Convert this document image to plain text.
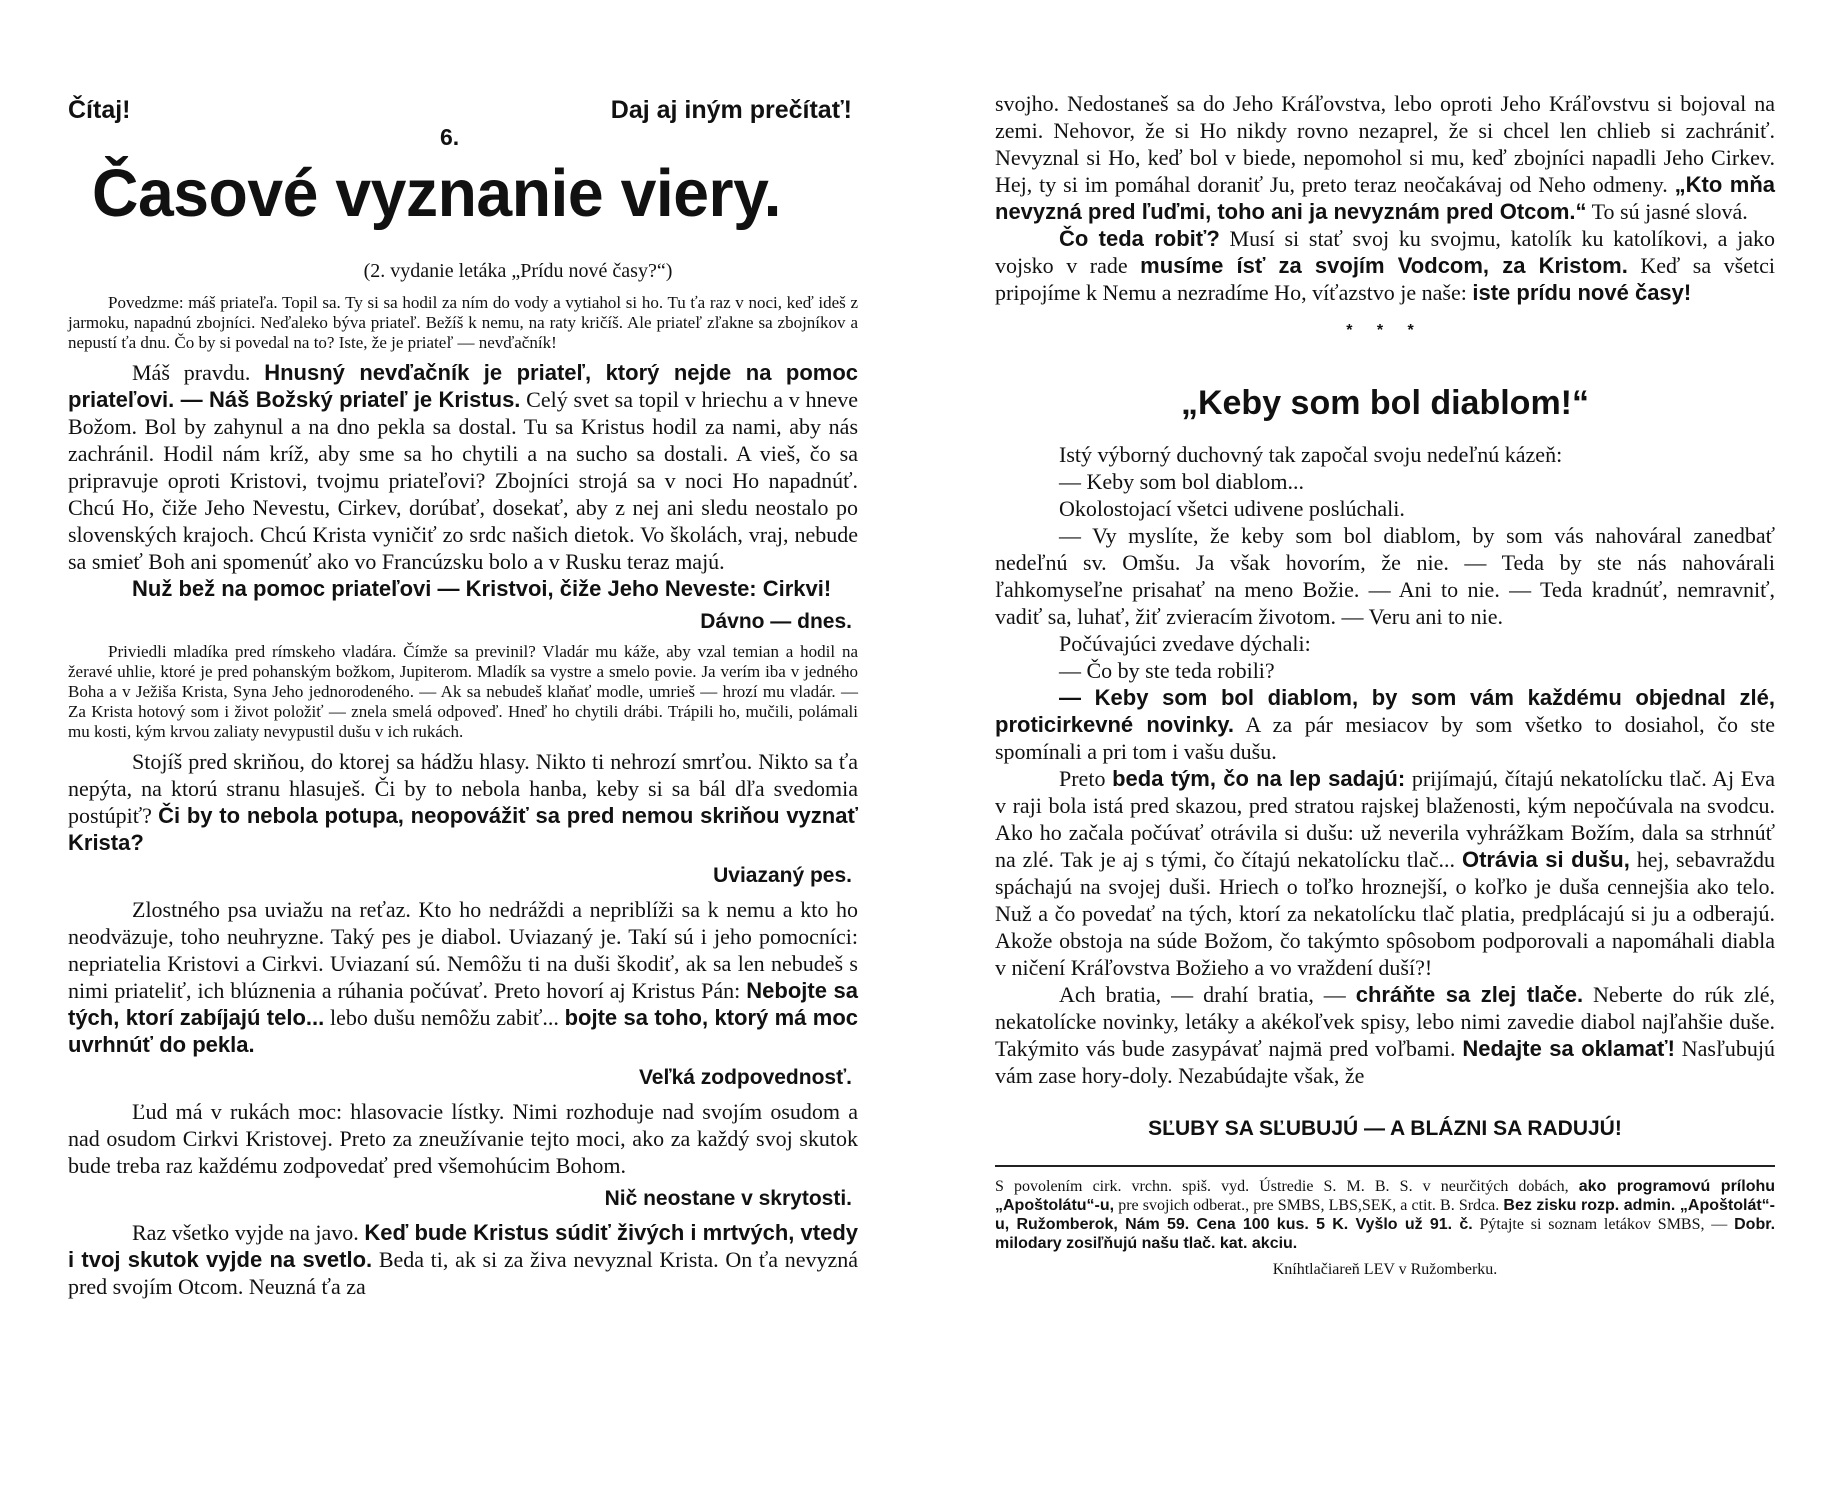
Čítaj!
6.
Daj aj iným prečítať!
Časové vyznanie viery.
(2. vydanie letáka „Prídu nové časy?“)

Povedzme: máš priateľa. Topil sa. Ty si sa hodil za ním do vody a vytiahol si ho. Tu ťa raz v noci, keď ideš z jarmoku, napadnú zbojníci. Neďaleko býva priateľ. Bežíš k nemu, na raty kričíš. Ale priateľ zľakne sa zbojníkov a nepustí ťa dnu. Čo by si povedal na to? Iste, že je priateľ — nevďačník!

Máš pravdu. Hnusný nevďačník je priateľ, ktorý nejde na pomoc priateľovi. — Náš Božský priateľ je Kristus. Celý svet sa topil v hriechu a v hneve Božom. Bol by zahynul a na dno pekla sa dostal. Tu sa Kristus hodil za nami, aby nás zachránil. Hodil nám kríž, aby sme sa ho chytili a na sucho sa dostali. A vieš, čo sa pripravuje oproti Kristovi, tvojmu priateľovi? Zbojníci strojá sa v noci Ho napadnúť. Chcú Ho, čiže Jeho Nevestu, Cirkev, dorúbať, dosekať, aby z nej ani sledu neostalo po slovenských krajoch. Chcú Krista vyničiť zo srdc našich dietok. Vo školách, vraj, nebude sa smieť Boh ani spomenúť ako vo Francúzsku bolo a v Rusku teraz majú.

Nuž bež na pomoc priateľovi — Kristvoi, čiže Jeho Neveste: Cirkvi!

Dávno — dnes.

Priviedli mladíka pred rímskeho vladára. Čímže sa previnil? Vladár mu káže, aby vzal temian a hodil na žeravé uhlie, ktoré je pred pohanským božkom, Jupiterom. Mladík sa vystre a smelo povie. Ja verím iba v jedného Boha a v Ježiša Krista, Syna Jeho jednorodeného. — Ak sa nebudeš klaňať modle, umrieš — hrozí mu vladár. — Za Krista hotový som i život položiť — znela smelá odpoveď. Hneď ho chytili drábi. Trápili ho, mučili, polámali mu kosti, kým krvou zaliaty nevypustil dušu v ich rukách.

Stojíš pred skriňou, do ktorej sa hádžu hlasy. Nikto ti nehrozí smrťou. Nikto sa ťa nepýta, na ktorú stranu hlasuješ. Či by to nebola hanba, keby si sa bál dľa svedomia postúpiť? Či by to nebola potupa, neopovážiť sa pred nemou skriňou vyznať Krista?

Uviazaný pes.

Zlostného psa uviažu na reťaz. Kto ho nedráždi a nepriblíži sa k nemu a kto ho neodväzuje, toho neuhryzne. Taký pes je diabol. Uviazaný je. Takí sú i jeho pomocníci: nepriatelia Kristovi a Cirkvi. Uviazaní sú. Nemôžu ti na duši škodiť, ak sa len nebudeš s nimi priateliť, ich blúznenia a rúhania počúvať. Preto hovorí aj Kristus Pán: Nebojte sa tých, ktorí zabíjajú telo... lebo dušu nemôžu zabiť... bojte sa toho, ktorý má moc uvrhnúť do pekla.

Veľká zodpovednosť.

Ľud má v rukách moc: hlasovacie lístky. Nimi rozhoduje nad svojím osudom a nad osudom Cirkvi Kristovej. Preto za zneužívanie tejto moci, ako za každý svoj skutok bude treba raz každému zodpovedať pred všemohúcim Bohom.

Nič neostane v skrytosti.

Raz všetko vyjde na javo. Keď bude Kristus súdiť živých i mrtvých, vtedy i tvoj skutok vyjde na svetlo. Beda ti, ak si za živa nevyznal Krista. On ťa nevyzná pred svojím Otcom. Neuzná ťa za

svojho. Nedostaneš sa do Jeho Kráľovstva, lebo oproti Jeho Kráľovstvu si bojoval na zemi. Nehovor, že si Ho nikdy rovno nezaprel, že si chcel len chlieb si zachrániť. Nevyznal si Ho, keď bol v biede, nepomohol si mu, keď zbojníci napadli Jeho Cirkev. Hej, ty si im pomáhal doraniť Ju, preto teraz neočakávaj od Neho odmeny. „Kto mňa nevyzná pred ľuďmi, toho ani ja nevyznám pred Otcom.“ To sú jasné slová.

Čo teda robiť? Musí si stať svoj ku svojmu, katolík ku katolíkovi, a jako vojsko v rade musíme ísť za svojím Vodcom, za Kristom. Keď sa všetci pripojíme k Nemu a nezradíme Ho, víťazstvo je naše: iste prídu nové časy!

* * *
„Keby som bol diablom!“

Istý výborný duchovný tak započal svoju nedeľnú kázeň:

— Keby som bol diablom...

Okolostojací všetci udivene poslúchali.

— Vy myslíte, že keby som bol diablom, by som vás nahováral zanedbať nedeľnú sv. Omšu. Ja však hovorím, že nie. — Teda by ste nás nahovárali ľahkomyseľne prisahať na meno Božie. — Ani to nie. — Teda kradnúť, nemravniť, vadiť sa, luhať, žiť zvieracím životom. — Veru ani to nie.

Počúvajúci zvedave dýchali:

— Čo by ste teda robili?

— Keby som bol diablom, by som vám každému objednal zlé, proticirkevné novinky. A za pár mesiacov by som všetko to dosiahol, čo ste spomínali a pri tom i vašu dušu.

Preto beda tým, čo na lep sadajú: prijímajú, čítajú nekatolícku tlač. Aj Eva v raji bola istá pred skazou, pred stratou rajskej blaženosti, kým nepočúvala na svodcu. Ako ho začala počúvať otrávila si dušu: už neverila vyhrážkam Božím, dala sa strhnúť na zlé. Tak je aj s tými, čo čítajú nekatolícku tlač... Otrávia si dušu, hej, sebavraždu spáchajú na svojej duši. Hriech o toľko hroznejší, o koľko je duša cennejšia ako telo. Nuž a čo povedať na tých, ktorí za nekatolícku tlač platia, predplácajú si ju a odberajú. Akože obstoja na súde Božom, čo takýmto spôsobom podporovali a napomáhali diabla v ničení Kráľovstva Božieho a vo vraždení duší?!

Ach bratia, — drahí bratia, — chráňte sa zlej tlače. Neberte do rúk zlé, nekatolícke novinky, letáky a akékoľvek spisy, lebo nimi zavedie diabol najľahšie duše. Takýmito vás bude zasypávať najmä pred voľbami. Nedajte sa oklamať! Nasľubujú vám zase hory-doly. Nezabúdajte však, že

SĽUBY SA SĽUBUJÚ — A BLÁZNI SA RADUJÚ!

S povolením cirk. vrchn. spiš. vyd. Ústredie S. M. B. S. v neurčitých dobách, ako programovú prílohu „Apoštolátu“-u, pre svojich odberat., pre SMBS, LBS,SEK, a ctit. B. Srdca. Bez zisku rozp. admin. „Apoštolát“-u, Ružomberok, Nám 59. Cena 100 kus. 5 K. Vyšlo už 91. č. Pýtajte si soznam letákov SMBS, — Dobr. milodary zosiľňujú našu tlač. kat. akciu.

Kníhtlačiareň LEV v Ružomberku.
